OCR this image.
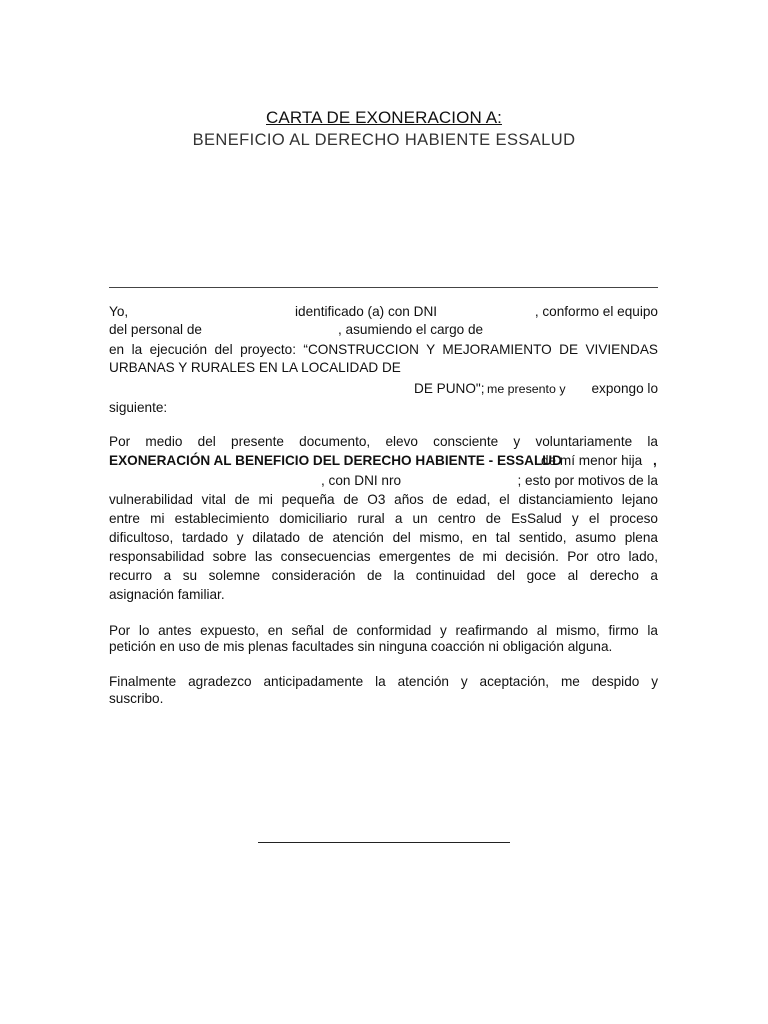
CARTA DE EXONERACION A:
BENEFICIO AL DERECHO HABIENTE ESSALUD
Yo,	identificado (a) con DNI	, conformo el equipo
del personal de	, asumiendo el cargo de
en la ejecución del proyecto: “CONSTRUCCION Y MEJORAMIENTO DE VIVIENDAS
URBANAS Y RURALES EN LA LOCALIDAD DE
DE PUNO"; me presento y expongo lo
siguiente:
Por medio del presente documento, elevo consciente y voluntariamente la
EXONERACIÓN AL BENEFICIO DEL DERECHO HABIENTE - ESSALUD
de mí menor hija ,
, con DNI nro	; esto por motivos de la
vulnerabilidad vital de mi pequeña de O3 años de edad, el distanciamiento lejano
entre mi establecimiento domiciliario rural a un centro de EsSalud y el proceso
dificultoso, tardado y dilatado de atención del mismo, en tal sentido, asumo plena
responsabilidad sobre las consecuencias emergentes de mi decisión. Por otro lado,
recurro a su solemne consideración de la continuidad del goce al derecho a
asignación familiar.
Por lo antes expuesto, en señal de conformidad y reafirmando al mismo, firmo la
petición en uso de mis plenas facultades sin ninguna coacción ni obligación alguna.
Finalmente agradezco anticipadamente la atención y aceptación, me despido y
suscribo.
